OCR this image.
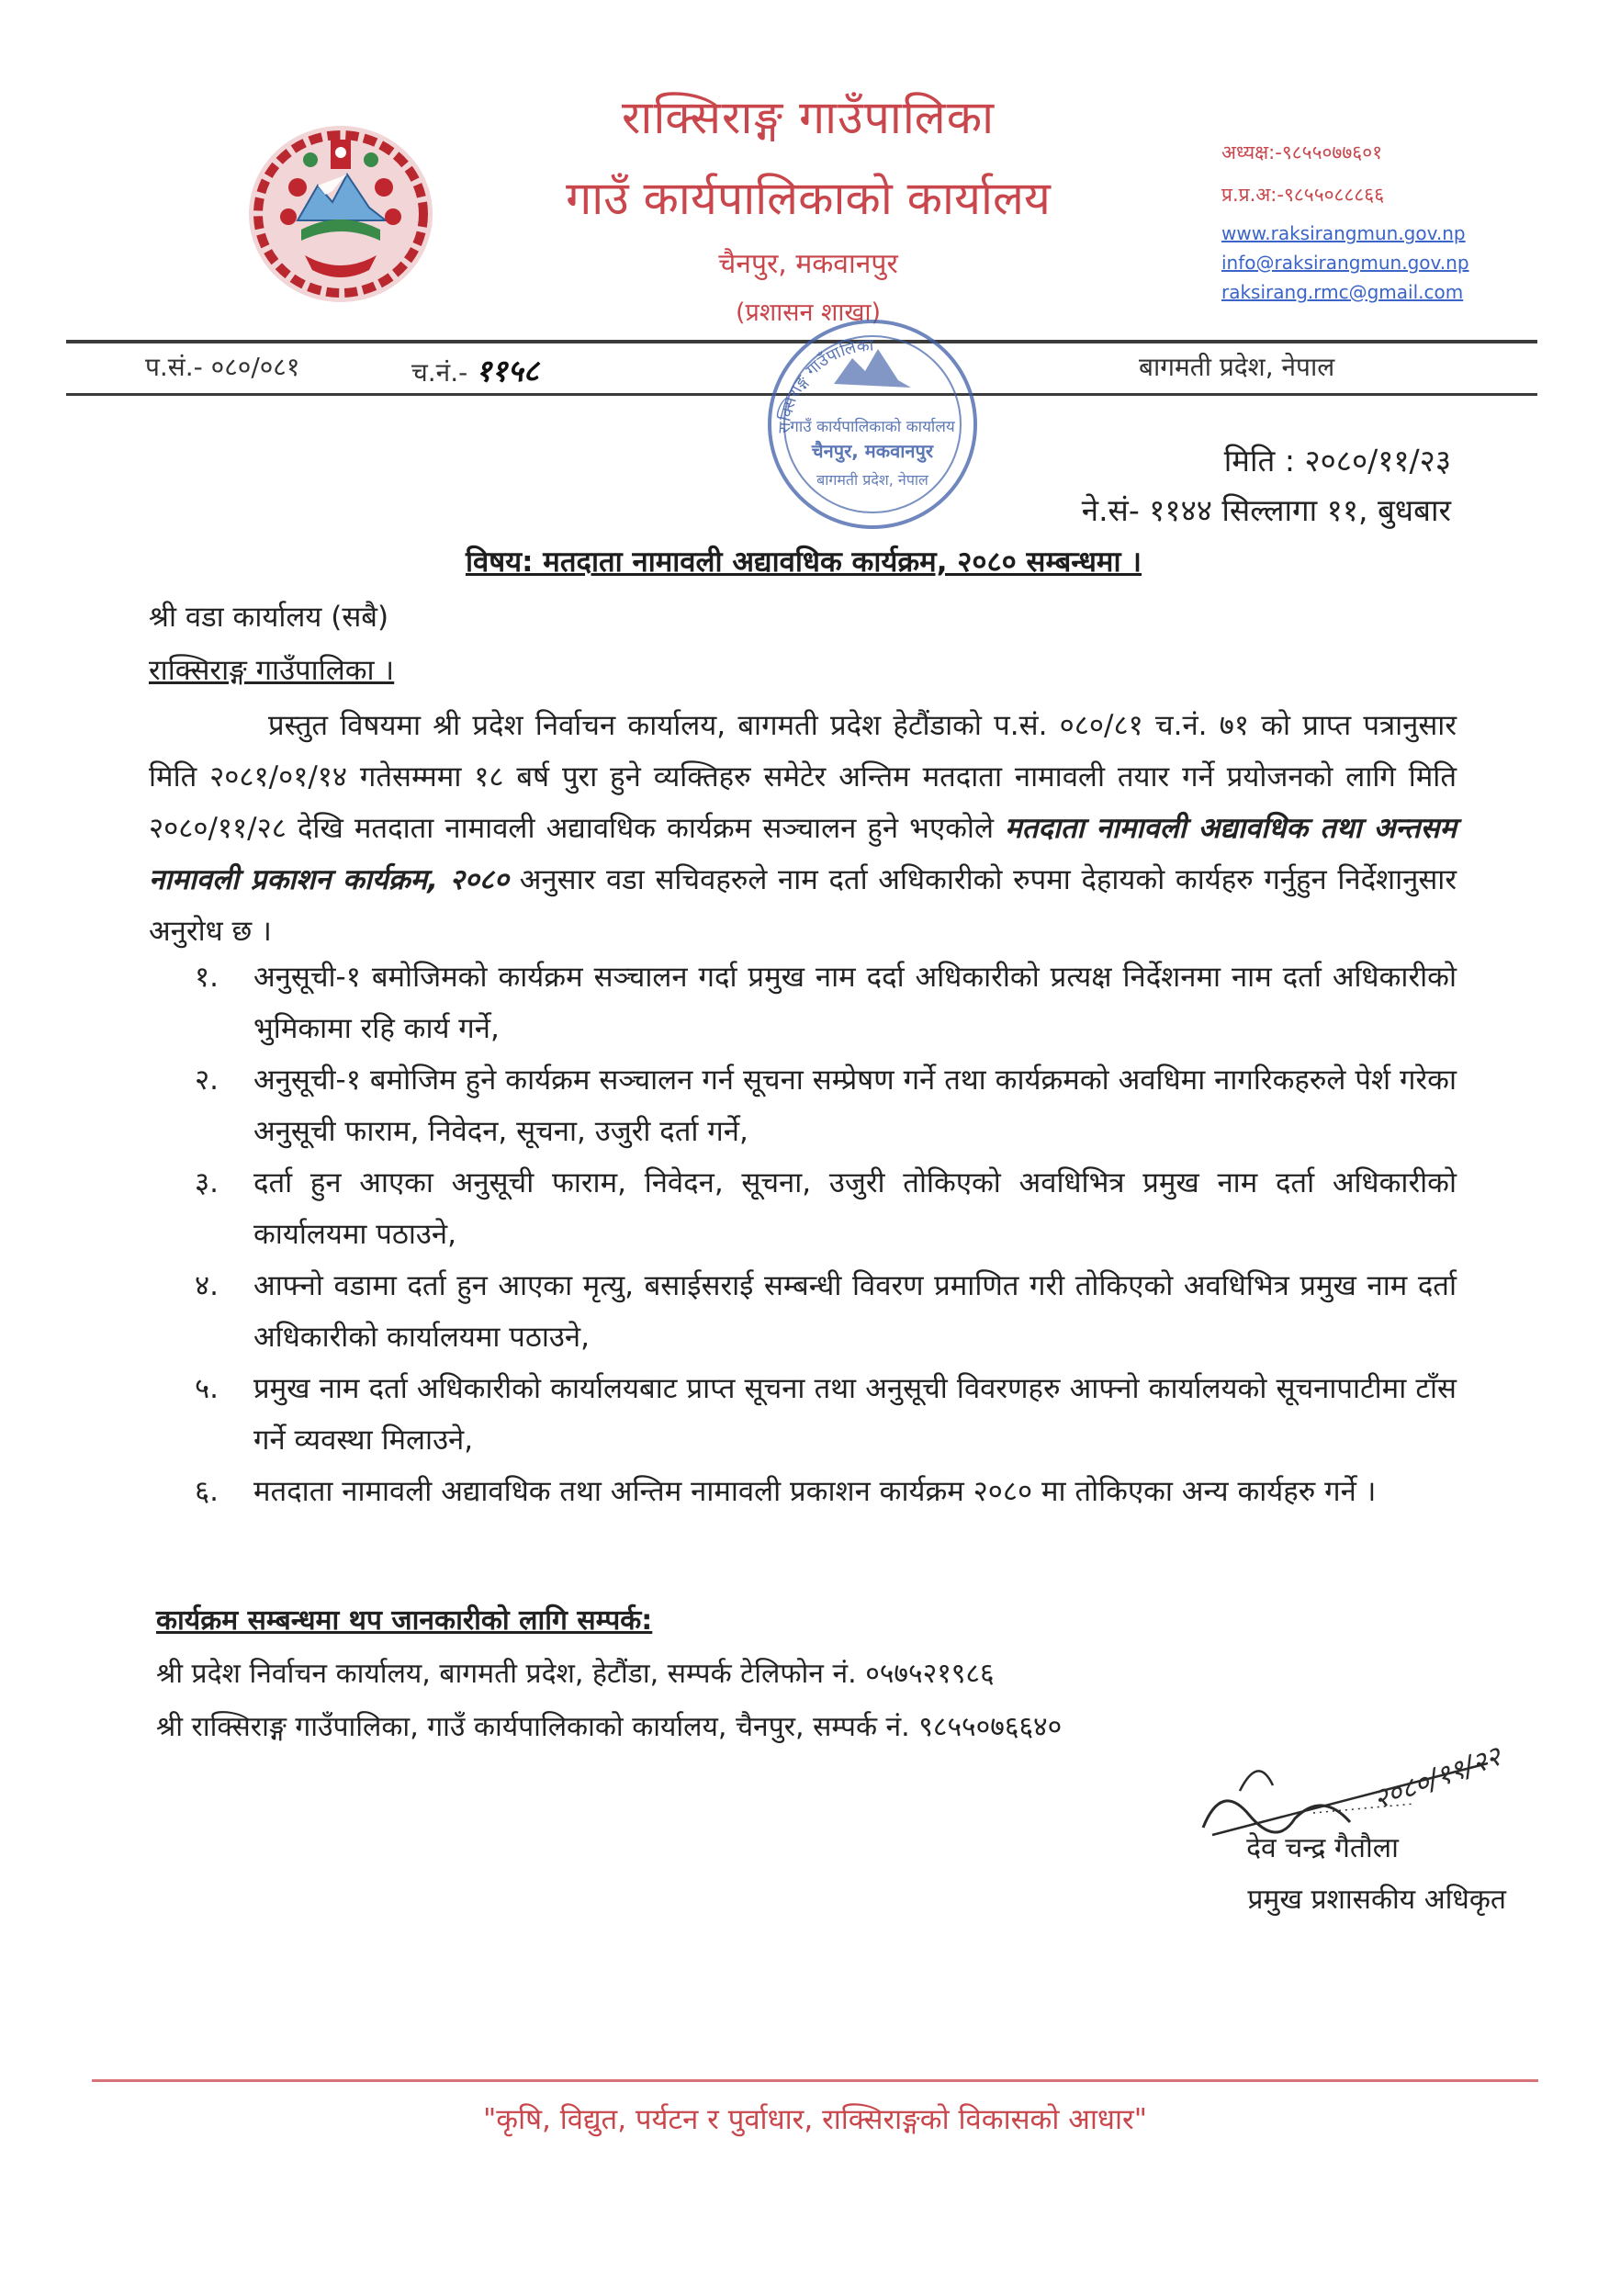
राक्सिराङ्ग गाउँपालिका
गाउँ कार्यपालिकाको कार्यालय
चैनपुर, मकवानपुर
(प्रशासन शाखा)
अध्यक्ष:-९८५५०७७६०१
प्र.प्र.अ:-९८५५०८८८६६
www.raksirangmun.gov.np
info@raksirangmun.gov.np
raksirang.rmc@gmail.com
प.सं.- ०८०/०८१	च.नं.- ११५८	बागमती प्रदेश, नेपाल
राक्सिराङ्ग गाउँपालिका
गाउँ कार्यपालिकाको कार्यालय
चैनपुर, मकवानपुर
बागमती प्रदेश, नेपाल
मिति : २०८०/११/२३
ने.सं- ११४४ सिल्लागा ११, बुधबार
विषय: मतदाता नामावली अद्यावधिक कार्यक्रम, २०८० सम्बन्धमा ।
श्री वडा कार्यालय (सबै)
राक्सिराङ्ग गाउँपालिका ।
प्रस्तुत विषयमा श्री प्रदेश निर्वाचन कार्यालय, बागमती प्रदेश हेटौंडाको प.सं. ०८०/८१ च.नं. ७१ को प्राप्त पत्रानुसार मिति २०८१/०१/१४ गतेसम्ममा १८ बर्ष पुरा हुने व्यक्तिहरु समेटेर अन्तिम मतदाता नामावली तयार गर्ने प्रयोजनको लागि मिति २०८०/११/२८ देखि मतदाता नामावली अद्यावधिक कार्यक्रम सञ्चालन हुने भएकोले मतदाता नामावली अद्यावधिक तथा अन्तसम नामावली प्रकाशन कार्यक्रम, २०८० अनुसार वडा सचिवहरुले नाम दर्ता अधिकारीको रुपमा देहायको कार्यहरु गर्नुहुन निर्देशानुसार अनुरोध छ ।
१.	अनुसूची-१ बमोजिमको कार्यक्रम सञ्चालन गर्दा प्रमुख नाम दर्दा अधिकारीको प्रत्यक्ष निर्देशनमा नाम दर्ता अधिकारीको भुमिकामा रहि कार्य गर्ने,
२.	अनुसूची-१ बमोजिम हुने कार्यक्रम सञ्चालन गर्न सूचना सम्प्रेषण गर्ने तथा कार्यक्रमको अवधिमा नागरिकहरुले पेर्श गरेका अनुसूची फाराम, निवेदन, सूचना, उजुरी दर्ता गर्ने,
३.	दर्ता हुन आएका अनुसूची फाराम, निवेदन, सूचना, उजुरी तोकिएको अवधिभित्र प्रमुख नाम दर्ता अधिकारीको कार्यालयमा पठाउने,
४.	आफ्नो वडामा दर्ता हुन आएका मृत्यु, बसाईसराई सम्बन्धी विवरण प्रमाणित गरी तोकिएको अवधिभित्र प्रमुख नाम दर्ता अधिकारीको कार्यालयमा पठाउने,
५.	प्रमुख नाम दर्ता अधिकारीको कार्यालयबाट प्राप्त सूचना तथा अनुसूची विवरणहरु आफ्नो कार्यालयको सूचनापाटीमा टाँस गर्ने व्यवस्था मिलाउने,
६.	मतदाता नामावली अद्यावधिक तथा अन्तिम नामावली प्रकाशन कार्यक्रम २०८० मा तोकिएका अन्य कार्यहरु गर्ने ।
कार्यक्रम सम्बन्धमा थप जानकारीको लागि सम्पर्क:
श्री प्रदेश निर्वाचन कार्यालय, बागमती प्रदेश, हेटौंडा, सम्पर्क टेलिफोन नं. ०५७५२१९८६
श्री राक्सिराङ्ग गाउँपालिका, गाउँ कार्यपालिकाको कार्यालय, चैनपुर, सम्पर्क नं. ९८५५०७६६४०
२०८०/११/२२
देव चन्द्र गैतौला
प्रमुख प्रशासकीय अधिकृत
"कृषि, विद्युत, पर्यटन र पुर्वाधार, राक्सिराङ्गको विकासको आधार"
